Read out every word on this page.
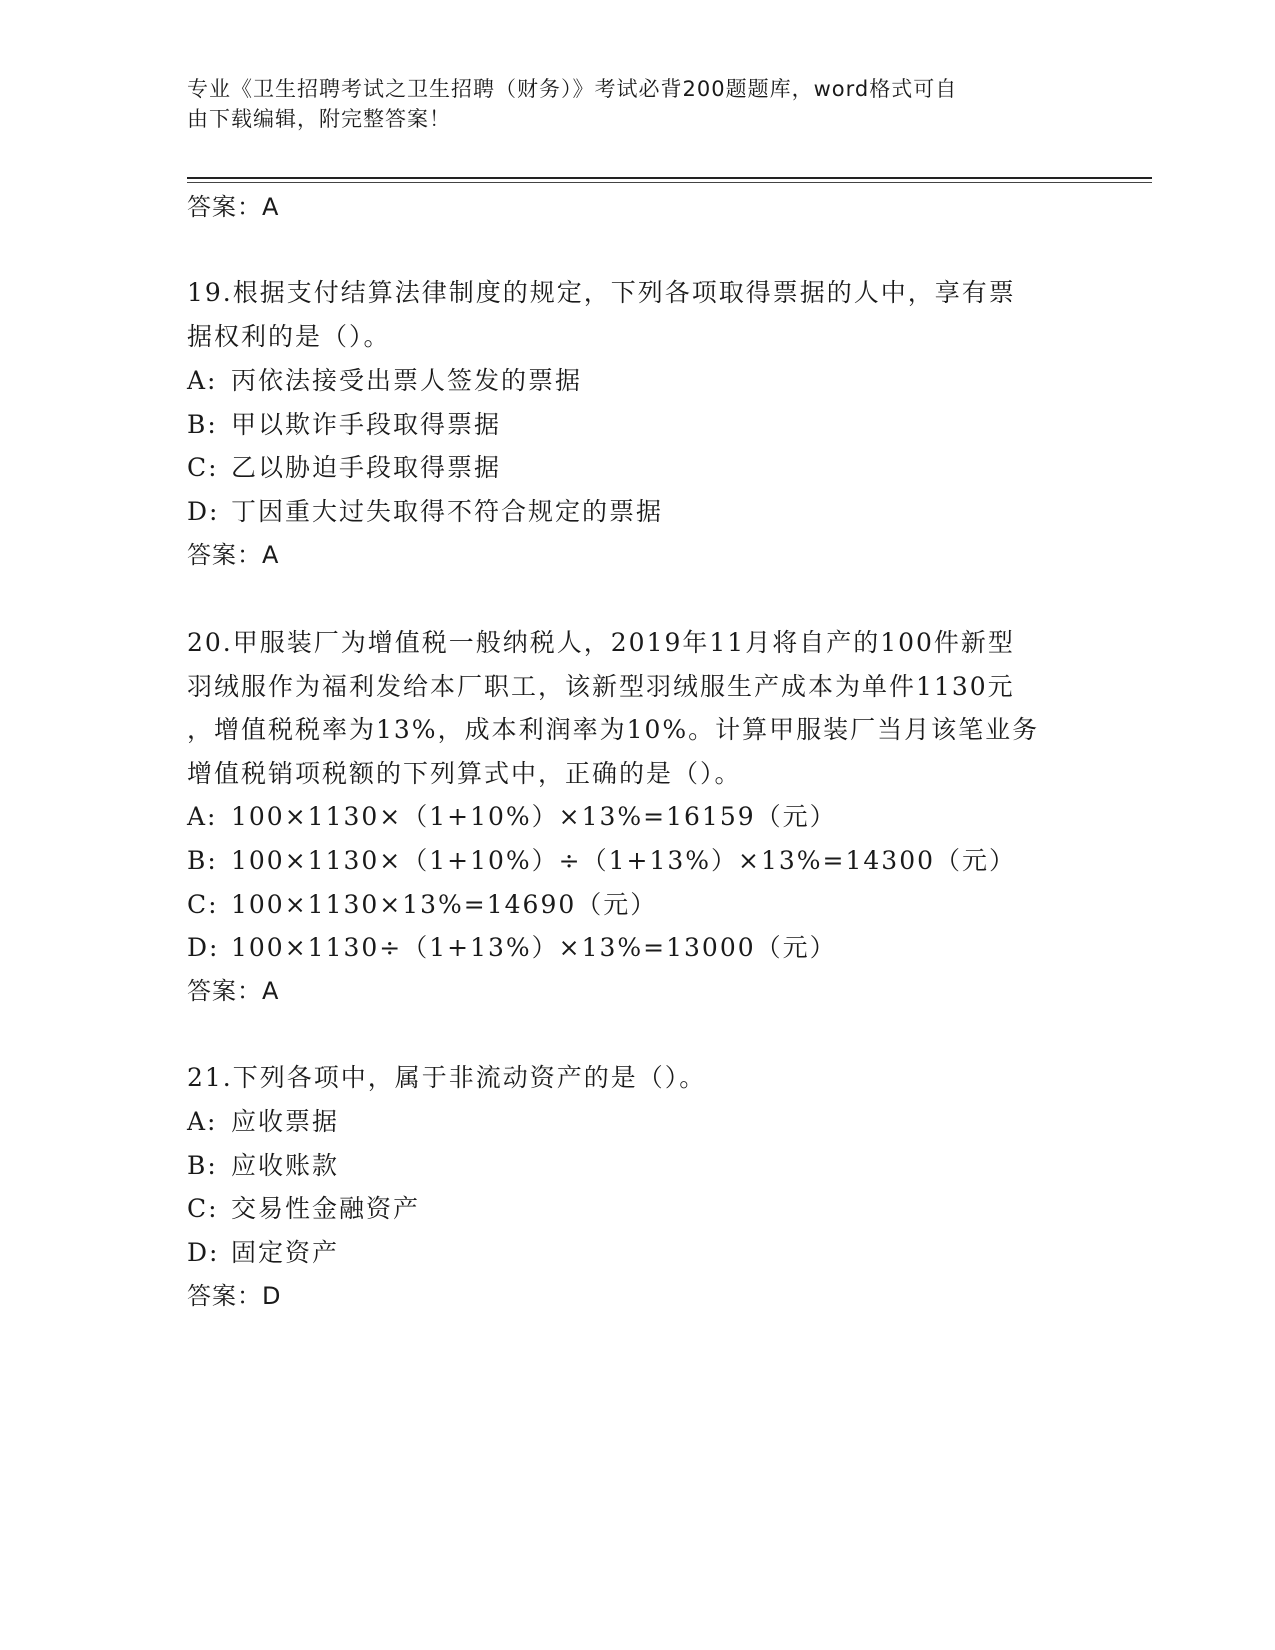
专业《卫生招聘考试之卫生招聘（财务）》考试必背200题题库，word格式可自
由下载编辑，附完整答案！
答案：A
19.根据支付结算法律制度的规定，下列各项取得票据的人中，享有票
据权利的是（）。
A: 丙依法接受出票人签发的票据
B: 甲以欺诈手段取得票据
C: 乙以胁迫手段取得票据
D: 丁因重大过失取得不符合规定的票据
答案：A
20.甲服装厂为增值税一般纳税人，2019年11月将自产的100件新型
羽绒服作为福利发给本厂职工，该新型羽绒服生产成本为单件1130元
，增值税税率为13%，成本利润率为10%。计算甲服装厂当月该笔业务
增值税销项税额的下列算式中，正确的是（）。
A: 100×1130×（1+10%）×13%=16159（元）
B: 100×1130×（1+10%）÷（1+13%）×13%=14300（元）
C: 100×1130×13%=14690（元）
D: 100×1130÷（1+13%）×13%=13000（元）
答案：A
21.下列各项中，属于非流动资产的是（）。
A: 应收票据
B: 应收账款
C: 交易性金融资产
D: 固定资产
答案：D
